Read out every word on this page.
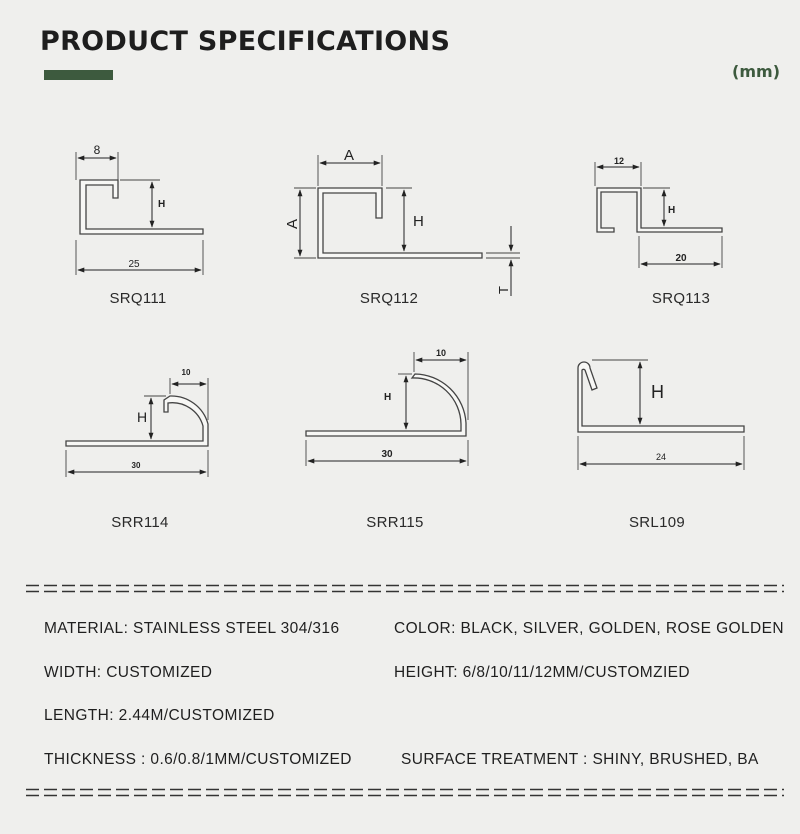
PRODUCT SPECIFICATIONS
(mm)
8
H
25
A
A	H
T
12
H
20
10
H
30
10
H
30
H
24
SRQ111	SRQ112	SRQ113
SRR114	SRR115	SRL109
MATERIAL: STAINLESS STEEL 304/316	COLOR: BLACK, SILVER, GOLDEN, ROSE GOLDEN
WIDTH: CUSTOMIZED	HEIGHT: 6/8/10/11/12MM/CUSTOMZIED
LENGTH: 2.44M/CUSTOMIZED
THICKNESS : 0.6/0.8/1MM/CUSTOMIZED	SURFACE TREATMENT : SHINY, BRUSHED, BA
